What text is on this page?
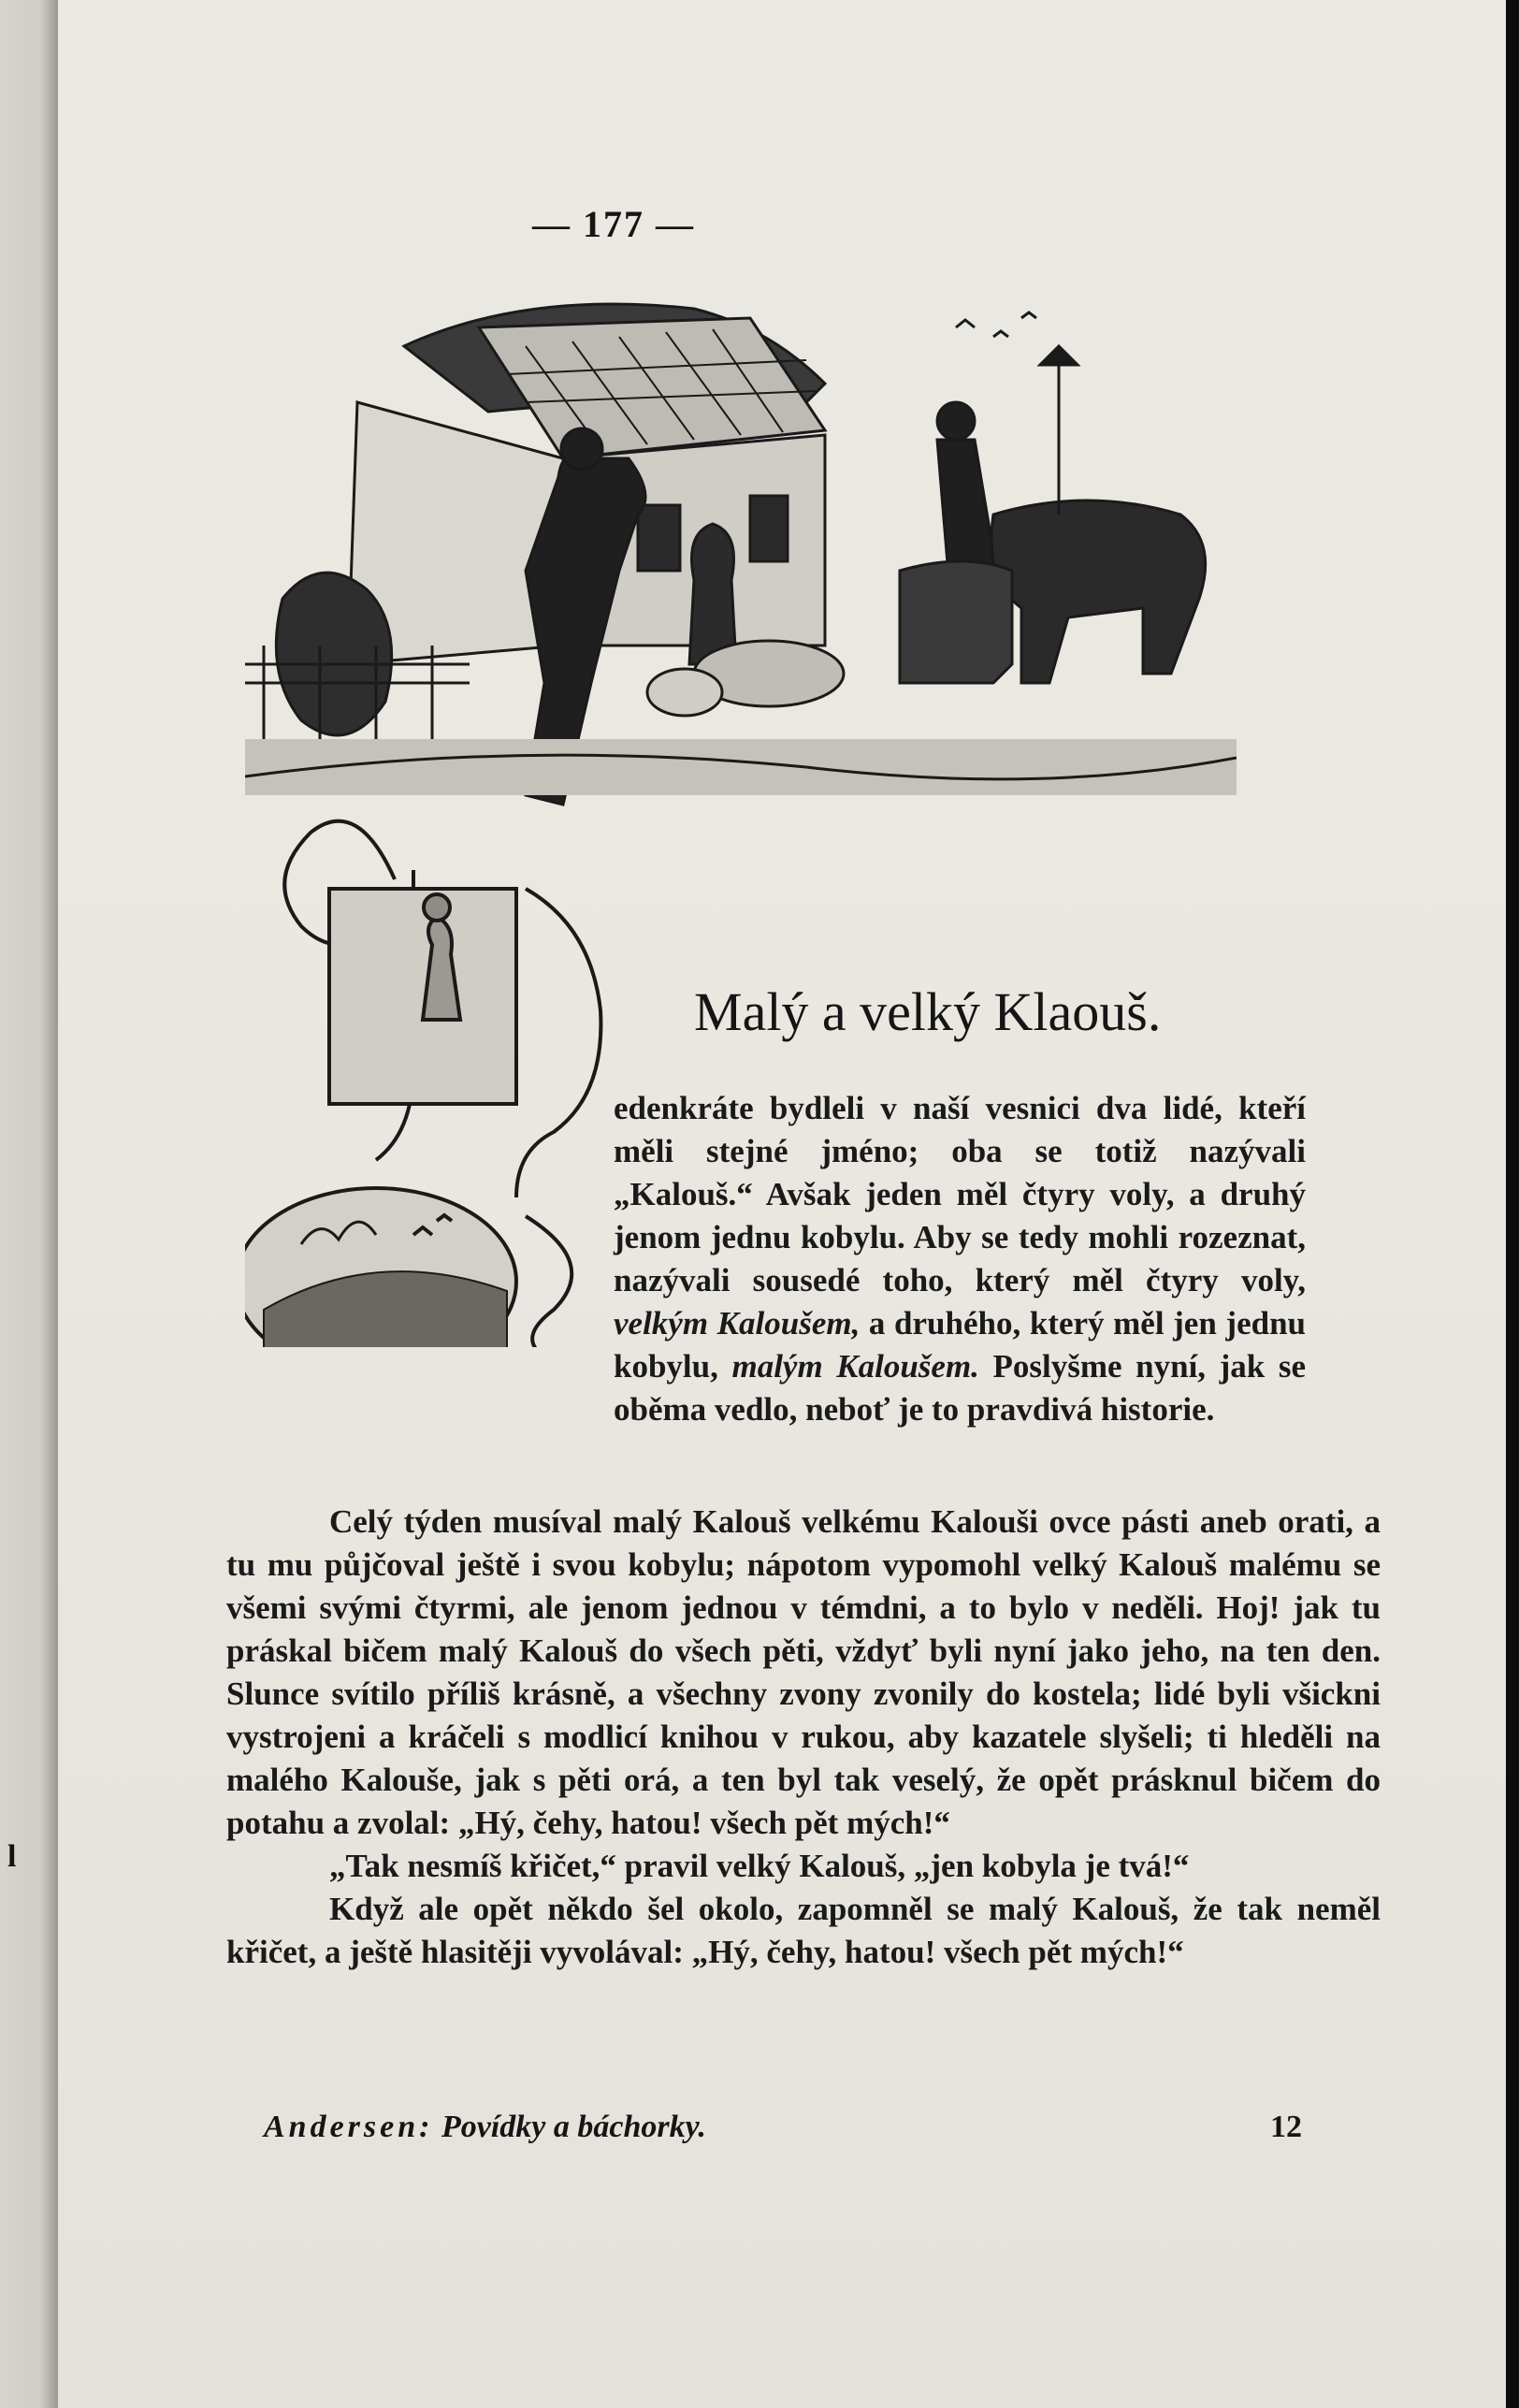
l
— 177 —
Malý a velký Klaouš.

edenkráte bydleli v naší vesnici dva lidé, kteří měli stejné jméno; oba se totiž nazývali „Kalouš.“ Avšak jeden měl čtyry voly, a druhý jenom jednu kobylu. Aby se tedy mohli rozeznat, nazývali sousedé toho, který měl čtyry voly, velkým Kaloušem, a druhého, který měl jen jednu kobylu, malým Kaloušem. Poslyšme nyní, jak se oběma vedlo, neboť je to pravdivá historie.

Celý týden musíval malý Kalouš velkému Kalouši ovce pásti aneb orati, a tu mu půjčoval ještě i svou kobylu; nápotom vypomohl velký Kalouš malému se všemi svými čtyrmi, ale jenom jednou v témdni, a to bylo v neděli. Hoj! jak tu práskal bičem malý Kalouš do všech pěti, vždyť byli nyní jako jeho, na ten den. Slunce svítilo příliš krásně, a všechny zvony zvonily do kostela; lidé byli všickni vystrojeni a kráčeli s modlicí knihou v rukou, aby kazatele slyšeli; ti hleděli na malého Kalouše, jak s pěti orá, a ten byl tak veselý, že opět prásknul bičem do potahu a zvolal: „Hý, čehy, hatou! všech pět mých!“

„Tak nesmíš křičet,“ pravil velký Kalouš, „jen kobyla je tvá!“

Když ale opět někdo šel okolo, zapomněl se malý Kalouš, že tak neměl křičet, a ještě hlasitěji vyvolával: „Hý, čehy, hatou! všech pět mých!“

Andersen: Povídky a báchorky.	12
